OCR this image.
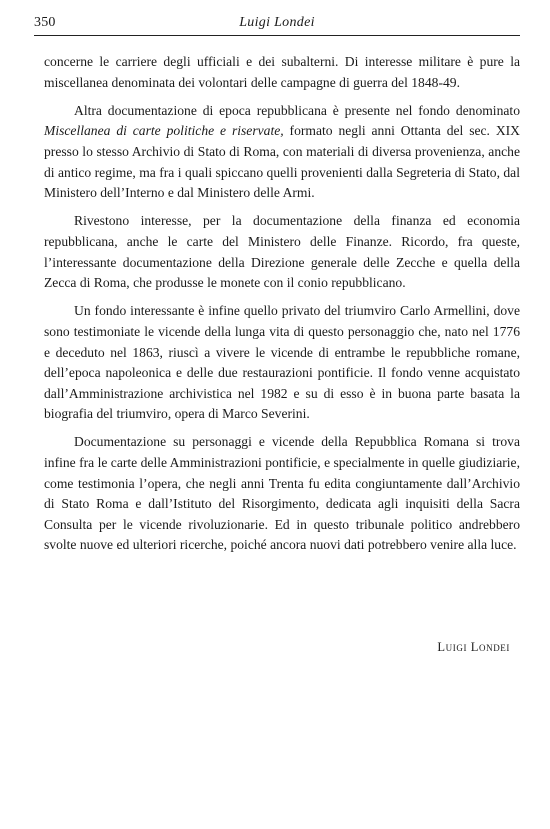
350	Luigi Londei

concerne le carriere degli ufficiali e dei subalterni. Di interesse militare è pure la miscellanea denominata dei volontari delle campagne di guerra del 1848-49.

Altra documentazione di epoca repubblicana è presente nel fondo denominato Miscellanea di carte politiche e riservate, formato negli anni Ottanta del sec. XIX presso lo stesso Archivio di Stato di Roma, con materiali di diversa provenienza, anche di antico regime, ma fra i quali spiccano quelli provenienti dalla Segreteria di Stato, dal Ministero dell’Interno e dal Ministero delle Armi.

Rivestono interesse, per la documentazione della finanza ed economia repubblicana, anche le carte del Ministero delle Finanze. Ricordo, fra queste, l’interessante documentazione della Direzione generale delle Zecche e quella della Zecca di Roma, che produsse le monete con il conio repubblicano.

Un fondo interessante è infine quello privato del triumviro Carlo Armellini, dove sono testimoniate le vicende della lunga vita di questo personaggio che, nato nel 1776 e deceduto nel 1863, riuscì a vivere le vicende di entrambe le repubbliche romane, dell’epoca napoleonica e delle due restaurazioni pontificie. Il fondo venne acquistato dall’Amministrazione archivistica nel 1982 e su di esso è in buona parte basata la biografia del triumviro, opera di Marco Severini.

Documentazione su personaggi e vicende della Repubblica Romana si trova infine fra le carte delle Amministrazioni pontificie, e specialmente in quelle giudiziarie, come testimonia l’opera, che negli anni Trenta fu edita congiuntamente dall’Archivio di Stato Roma e dall’Istituto del Risorgimento, dedicata agli inquisiti della Sacra Consulta per le vicende rivoluzionarie. Ed in questo tribunale politico andrebbero svolte nuove ed ulteriori ricerche, poiché ancora nuovi dati potrebbero venire alla luce.

Luigi Londei
